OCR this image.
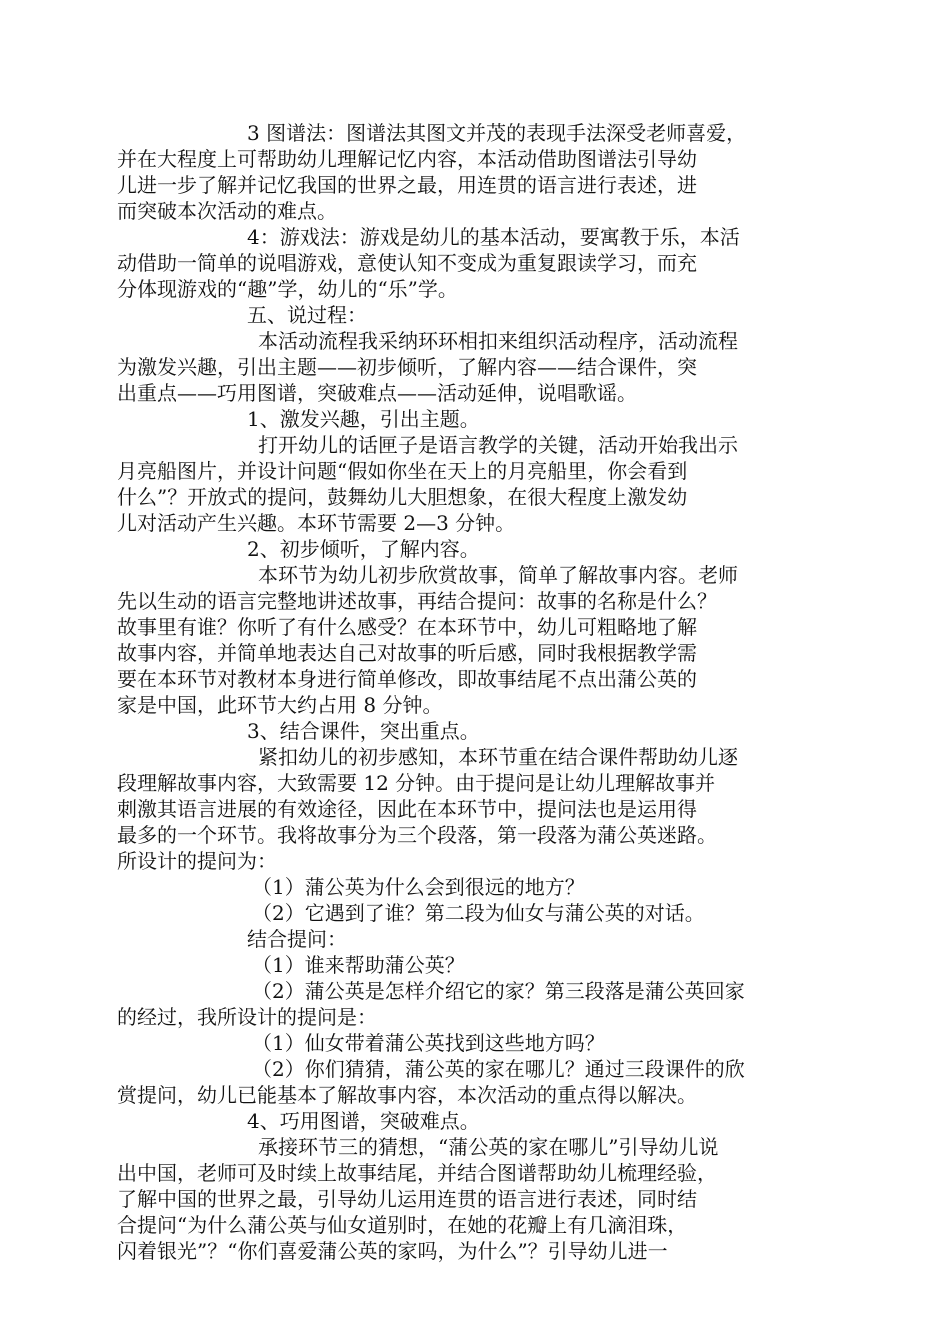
3 图谱法：图谱法其图文并茂的表现手法深受老师喜爱，

并在大程度上可帮助幼儿理解记忆内容，本活动借助图谱法引导幼

儿进一步了解并记忆我国的世界之最，用连贯的语言进行表述，进

而突破本次活动的难点。

4：游戏法：游戏是幼儿的基本活动，要寓教于乐，本活

动借助一简单的说唱游戏，意使认知不变成为重复跟读学习，而充

分体现游戏的“趣”学，幼儿的“乐”学。

五、说过程：

本活动流程我采纳环环相扣来组织活动程序，活动流程

为激发兴趣，引出主题——初步倾听，了解内容——结合课件，突

出重点——巧用图谱，突破难点——活动延伸，说唱歌谣。

1、激发兴趣，引出主题。

打开幼儿的话匣子是语言教学的关键，活动开始我出示

月亮船图片，并设计问题“假如你坐在天上的月亮船里，你会看到

什么”？开放式的提问，鼓舞幼儿大胆想象，在很大程度上激发幼

儿对活动产生兴趣。本环节需要 2—3 分钟。

2、初步倾听，了解内容。

本环节为幼儿初步欣赏故事，简单了解故事内容。老师

先以生动的语言完整地讲述故事，再结合提问：故事的名称是什么？

故事里有谁？你听了有什么感受？在本环节中，幼儿可粗略地了解

故事内容，并简单地表达自己对故事的听后感，同时我根据教学需

要在本环节对教材本身进行简单修改，即故事结尾不点出蒲公英的

家是中国，此环节大约占用 8 分钟。

3、结合课件，突出重点。

紧扣幼儿的初步感知，本环节重在结合课件帮助幼儿逐

段理解故事内容，大致需要 12 分钟。由于提问是让幼儿理解故事并

刺激其语言进展的有效途径，因此在本环节中，提问法也是运用得

最多的一个环节。我将故事分为三个段落，第一段落为蒲公英迷路。

所设计的提问为：

（1）蒲公英为什么会到很远的地方？

（2）它遇到了谁？第二段为仙女与蒲公英的对话。

结合提问：

（1）谁来帮助蒲公英？

（2）蒲公英是怎样介绍它的家？第三段落是蒲公英回家

的经过，我所设计的提问是：

（1）仙女带着蒲公英找到这些地方吗？

（2）你们猜猜，蒲公英的家在哪儿？通过三段课件的欣

赏提问，幼儿已能基本了解故事内容，本次活动的重点得以解决。

4、巧用图谱，突破难点。

承接环节三的猜想，“蒲公英的家在哪儿”引导幼儿说

出中国，老师可及时续上故事结尾，并结合图谱帮助幼儿梳理经验，

了解中国的世界之最，引导幼儿运用连贯的语言进行表述，同时结

合提问“为什么蒲公英与仙女道别时，在她的花瓣上有几滴泪珠，

闪着银光”？“你们喜爱蒲公英的家吗，为什么”？引导幼儿进一
